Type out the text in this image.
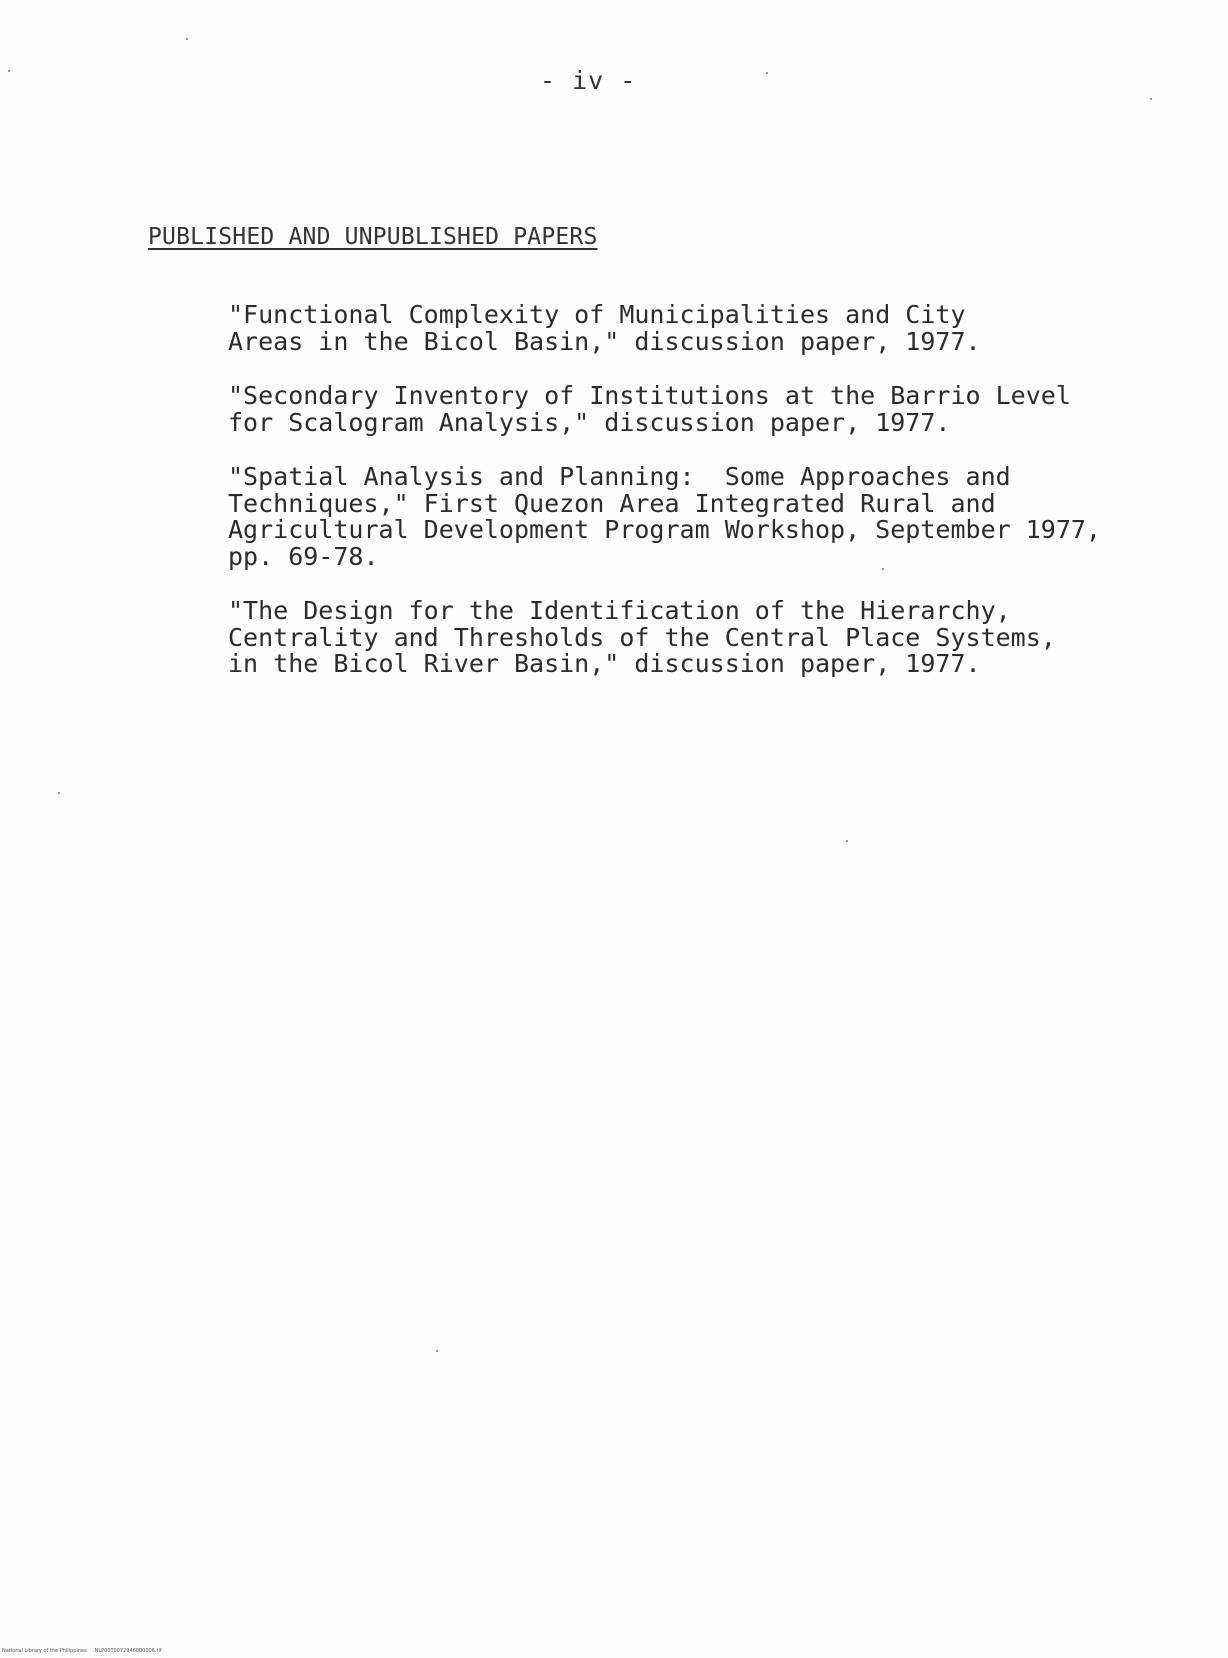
- iv -
PUBLISHED AND UNPUBLISHED PAPERS
"Functional Complexity of Municipalities and City
Areas in the Bicol Basin," discussion paper, 1977.
"Secondary Inventory of Institutions at the Barrio Level
for Scalogram Analysis," discussion paper, 1977.
"Spatial Analysis and Planning:  Some Approaches and
Techniques," First Quezon Area Integrated Rural and
Agricultural Development Program Workshop, September 1977,
pp. 69-78.
"The Design for the Identification of the Hierarchy,
Centrality and Thresholds of the Central Place Systems,
in the Bicol River Basin," discussion paper, 1977.
National Library of the Philippines NLP00T0072946800006.tif
